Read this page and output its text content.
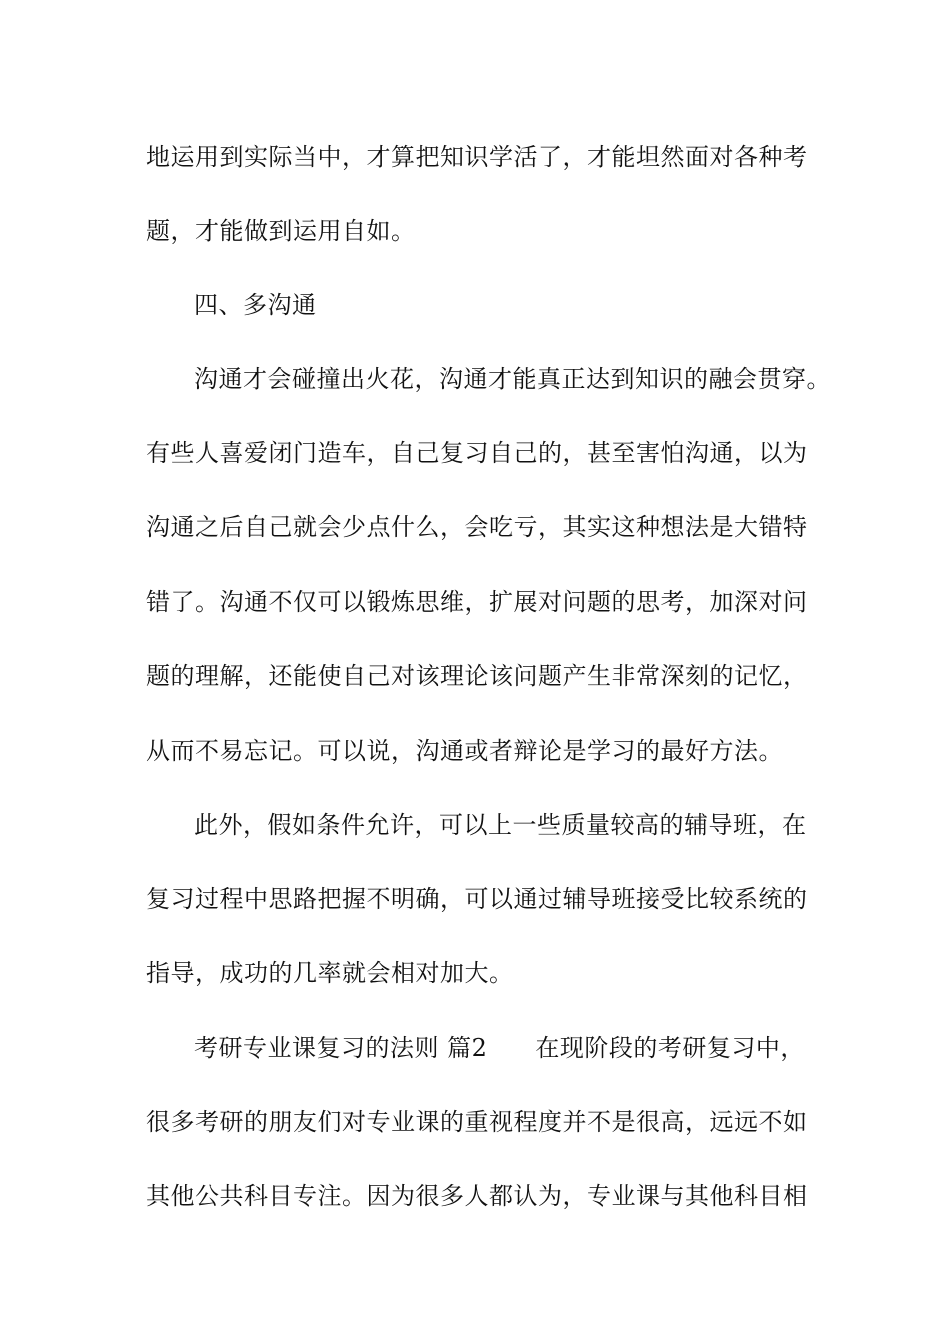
地运用到实际当中，才算把知识学活了，才能坦然面对各种考
题，才能做到运用自如。
四、多沟通
沟通才会碰撞出火花，沟通才能真正达到知识的融会贯穿。
有些人喜爱闭门造车，自己复习自己的，甚至害怕沟通，以为
沟通之后自己就会少点什么，会吃亏，其实这种想法是大错特
错了。沟通不仅可以锻炼思维，扩展对问题的思考，加深对问
题的理解，还能使自己对该理论该问题产生非常深刻的记忆，
从而不易忘记。可以说，沟通或者辩论是学习的最好方法。
此外，假如条件允许，可以上一些质量较高的辅导班，在
复习过程中思路把握不明确，可以通过辅导班接受比较系统的
指导，成功的几率就会相对加大。
考研专业课复习的法则 篇2 在现阶段的考研复习中，
很多考研的朋友们对专业课的重视程度并不是很高，远远不如
其他公共科目专注。因为很多人都认为，专业课与其他科目相
